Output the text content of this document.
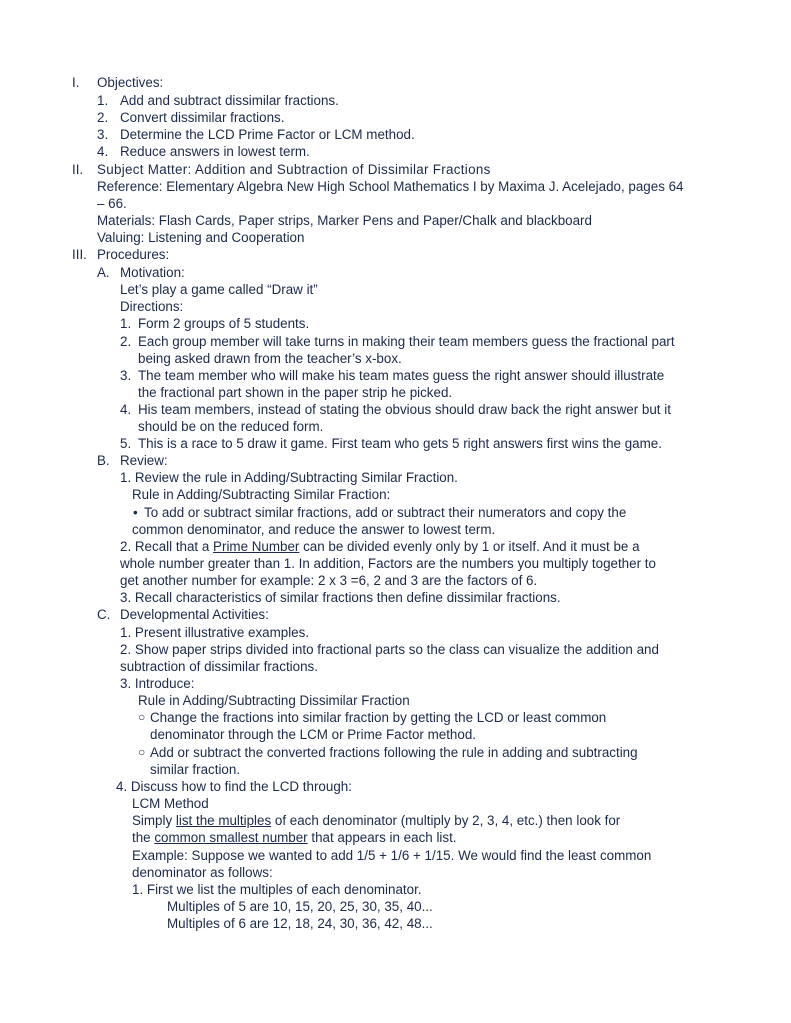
I. Objectives:
1. Add and subtract dissimilar fractions.
2. Convert dissimilar fractions.
3. Determine the LCD Prime Factor or LCM method.
4. Reduce answers in lowest term.
II. Subject Matter: Addition and Subtraction of Dissimilar Fractions
Reference: Elementary Algebra New High School Mathematics I by Maxima J. Acelejado, pages 64
– 66.
Materials: Flash Cards, Paper strips, Marker Pens and Paper/Chalk and blackboard
Valuing: Listening and Cooperation
III. Procedures:
A. Motivation:
Let’s play a game called “Draw it”
Directions:
1. Form 2 groups of 5 students.
2. Each group member will take turns in making their team members guess the fractional part
being asked drawn from the teacher’s x-box.
3. The team member who will make his team mates guess the right answer should illustrate
the fractional part shown in the paper strip he picked.
4. His team members, instead of stating the obvious should draw back the right answer but it
should be on the reduced form.
5. This is a race to 5 draw it game. First team who gets 5 right answers first wins the game.
B. Review:
1. Review the rule in Adding/Subtracting Similar Fraction.
Rule in Adding/Subtracting Similar Fraction:
• To add or subtract similar fractions, add or subtract their numerators and copy the
common denominator, and reduce the answer to lowest term.
2. Recall that a Prime Number can be divided evenly only by 1 or itself. And it must be a
whole number greater than 1. In addition, Factors are the numbers you multiply together to
get another number for example: 2 x 3 =6, 2 and 3 are the factors of 6.
3. Recall characteristics of similar fractions then define dissimilar fractions.
C. Developmental Activities:
1. Present illustrative examples.
2. Show paper strips divided into fractional parts so the class can visualize the addition and
subtraction of dissimilar fractions.
3. Introduce:
Rule in Adding/Subtracting Dissimilar Fraction
○ Change the fractions into similar fraction by getting the LCD or least common
denominator through the LCM or Prime Factor method.
○ Add or subtract the converted fractions following the rule in adding and subtracting
similar fraction.
4. Discuss how to find the LCD through:
LCM Method
Simply list the multiples of each denominator (multiply by 2, 3, 4, etc.) then look for
the common smallest number that appears in each list.
Example: Suppose we wanted to add 1/5 + 1/6 + 1/15. We would find the least common
denominator as follows:
1. First we list the multiples of each denominator.
Multiples of 5 are 10, 15, 20, 25, 30, 35, 40...
Multiples of 6 are 12, 18, 24, 30, 36, 42, 48...
